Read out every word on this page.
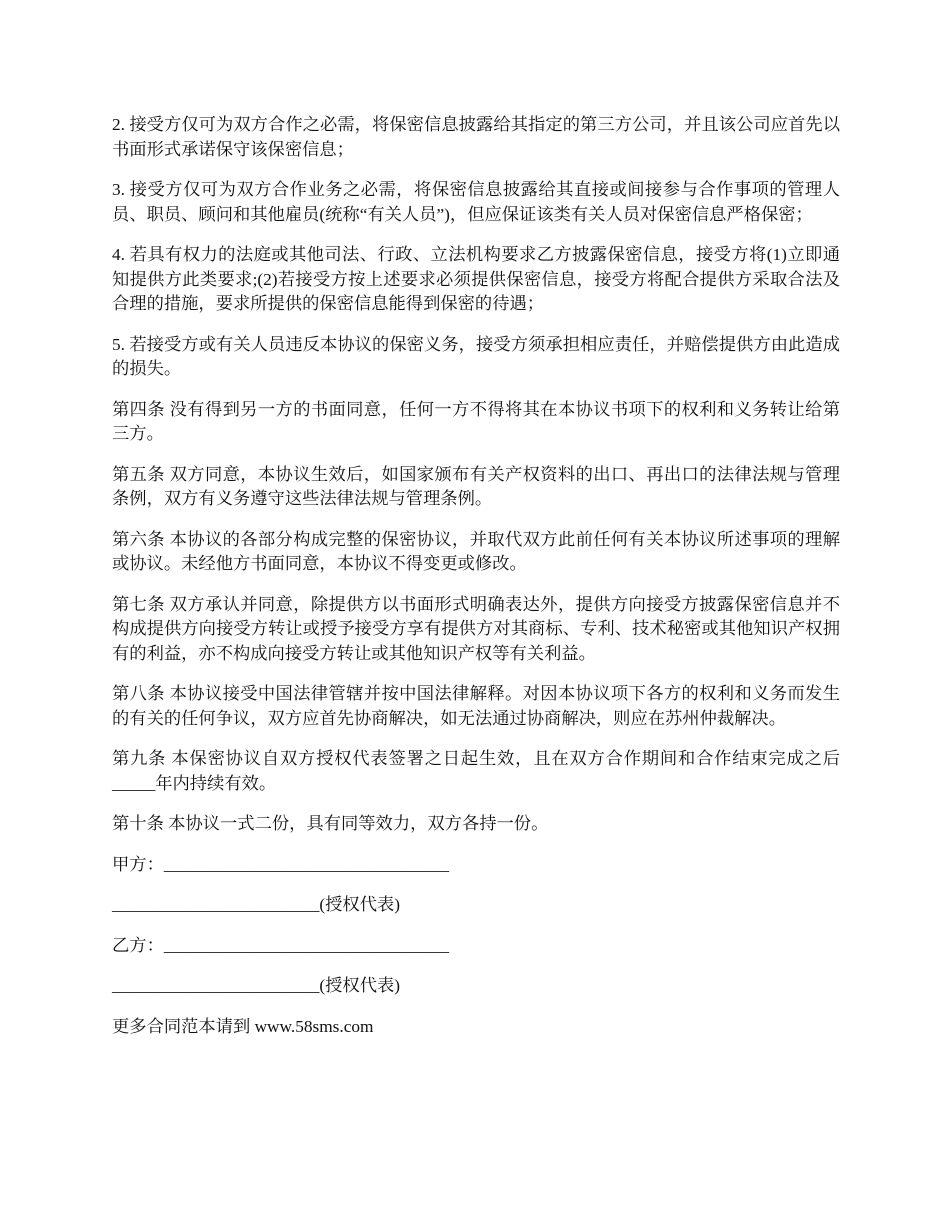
2. 接受方仅可为双方合作之必需，将保密信息披露给其指定的第三方公司，并且该公司应首先以书面形式承诺保守该保密信息；

3. 接受方仅可为双方合作业务之必需，将保密信息披露给其直接或间接参与合作事项的管理人员、职员、顾问和其他雇员(统称“有关人员”)，但应保证该类有关人员对保密信息严格保密；

4. 若具有权力的法庭或其他司法、行政、立法机构要求乙方披露保密信息，接受方将(1)立即通知提供方此类要求;(2)若接受方按上述要求必须提供保密信息，接受方将配合提供方采取合法及合理的措施，要求所提供的保密信息能得到保密的待遇；

5. 若接受方或有关人员违反本协议的保密义务，接受方须承担相应责任，并赔偿提供方由此造成的损失。

第四条 没有得到另一方的书面同意，任何一方不得将其在本协议书项下的权利和义务转让给第三方。

第五条 双方同意，本协议生效后，如国家颁布有关产权资料的出口、再出口的法律法规与管理条例，双方有义务遵守这些法律法规与管理条例。

第六条 本协议的各部分构成完整的保密协议，并取代双方此前任何有关本协议所述事项的理解或协议。未经他方书面同意，本协议不得变更或修改。

第七条 双方承认并同意，除提供方以书面形式明确表达外，提供方向接受方披露保密信息并不构成提供方向接受方转让或授予接受方享有提供方对其商标、专利、技术秘密或其他知识产权拥有的利益，亦不构成向接受方转让或其他知识产权等有关利益。

第八条 本协议接受中国法律管辖并按中国法律解释。对因本协议项下各方的权利和义务而发生的有关的任何争议，双方应首先协商解决，如无法通过协商解决，则应在苏州仲裁解决。

第九条 本保密协议自双方授权代表签署之日起生效，且在双方合作期间和合作结束完成之后_____年内持续有效。

第十条 本协议一式二份，具有同等效力，双方各持一份。

甲方：_________________________________

________________________(授权代表)

乙方：_________________________________

________________________(授权代表)

更多合同范本请到 www.58sms.com
